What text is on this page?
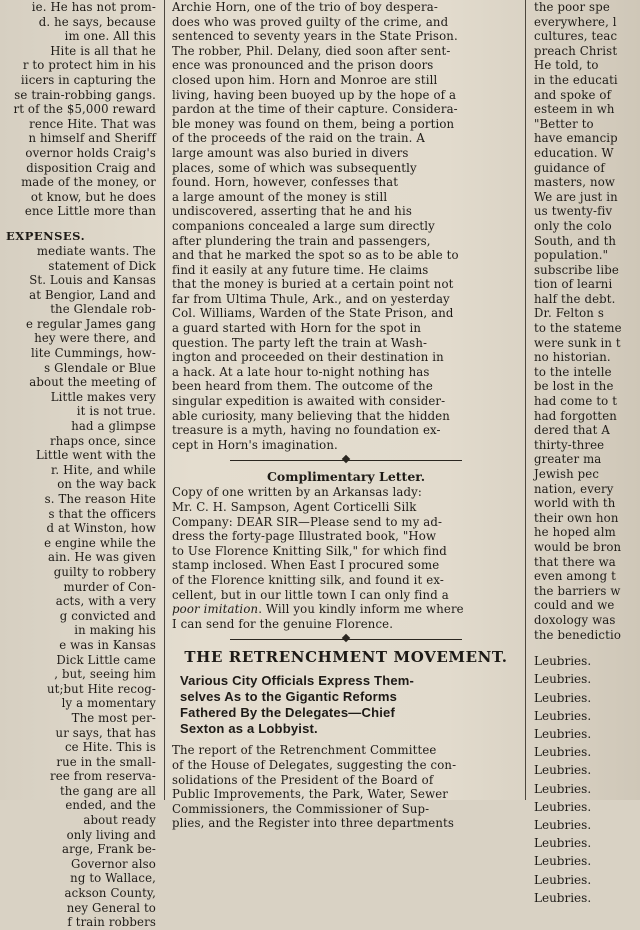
ie. He has not prom-
d. he says, because
im one. All this
Hite is all that he
r to protect him in his
iicers in capturing the
se train-robbing gangs.
rt of the $5,000 reward
rence Hite. That was
n himself and Sheriff
overnor holds Craig's
disposition Craig and
made of the money, or
ot know, but he does
ence Little more than
EXPENSES.
mediate wants. The
statement of Dick
St. Louis and Kansas
at Bengior, Land and
the Glendale rob-
e regular James gang
hey were there, and
lite Cummings, how-
s Glendale or Blue
about the meeting of
Little makes very
it is not true.
had a glimpse
rhaps once, since
Little went with the
r. Hite, and while
on the way back
s. The reason Hite
s that the officers
d at Winston, how
e engine while the
ain. He was given
guilty to robbery
murder of Con-
acts, with a very
g convicted and
in making his
e was in Kansas
Dick Little came
, but, seeing him
ut;but Hite recog-
ly a momentary
The most per-
ur says, that has
ce Hite. This is
rue in the small-
ree from reserva-
the gang are all
ended, and the
about ready
only living and
arge, Frank be-
Governor also
ng to Wallace,
ackson County,
ney General to
f train robbers
Archie Horn, one of the trio of boy despera-
does who was proved guilty of the crime, and
sentenced to seventy years in the State Prison.
The robber, Phil. Delany, died soon after sent-
ence was pronounced and the prison doors
closed upon him. Horn and Monroe are still
living, having been buoyed up by the hope of a
pardon at the time of their capture. Considera-
ble money was found on them, being a portion
of the proceeds of the raid on the train. A
large amount was also buried in divers
places, some of which was subsequently
found. Horn, however, confesses that
a large amount of the money is still
undiscovered, asserting that he and his
companions concealed a large sum directly
after plundering the train and passengers,
and that he marked the spot so as to be able to
find it easily at any future time. He claims
that the money is buried at a certain point not
far from Ultima Thule, Ark., and on yesterday
Col. Williams, Warden of the State Prison, and
a guard started with Horn for the spot in
question. The party left the train at Wash-
ington and proceeded on their destination in
a hack. At a late hour to-night nothing has
been heard from them. The outcome of the
singular expedition is awaited with consider-
able curiosity, many believing that the hidden
treasure is a myth, having no foundation ex-
cept in Horn's imagination.
Complimentary Letter.
Copy of one written by an Arkansas lady:
Mr. C. H. Sampson, Agent Corticelli Silk
Company: DEAR SIR—Please send to my ad-
dress the forty-page Illustrated book, "How
to Use Florence Knitting Silk," for which find
stamp inclosed. When East I procured some
of the Florence knitting silk, and found it ex-
cellent, but in our little town I can only find a
poor imitation. Will you kindly inform me where
I can send for the genuine Florence.
THE RETRENCHMENT MOVEMENT.
Various City Officials Express Them-
selves As to the Gigantic Reforms
Fathered By the Delegates—Chief
Sexton as a Lobbyist.
The report of the Retrenchment Committee
of the House of Delegates, suggesting the con-
solidations of the President of the Board of
Public Improvements, the Park, Water, Sewer
Commissioners, the Commissioner of Sup-
plies, and the Register into three departments
the poor spe
everywhere, l
cultures, teac
preach Christ
He told, to
in the educati
and spoke of
esteem in wh
"Better to
have emancip
education. W
guidance of
masters, now
We are just in
us twenty-fiv
only the colo
South, and th
population."
subscribe libe
tion of learni
half the debt.
Dr. Felton s
to the stateme
were sunk in t
no historian.
to the intelle
be lost in the
had come to t
had forgotten
dered that A
thirty-three
greater ma
Jewish pec
nation, every
world with th
their own hon
he hoped alm
would be bron
that there wa
even among t
the barriers w
could and we
doxology was
the benedictio
Leubries.
Leubries.
Leubries.
Leubries.
Leubries.
Leubries.
Leubries.
Leubries.
Leubries.
Leubries.
Leubries.
Leubries.
Leubries.
Leubries.
